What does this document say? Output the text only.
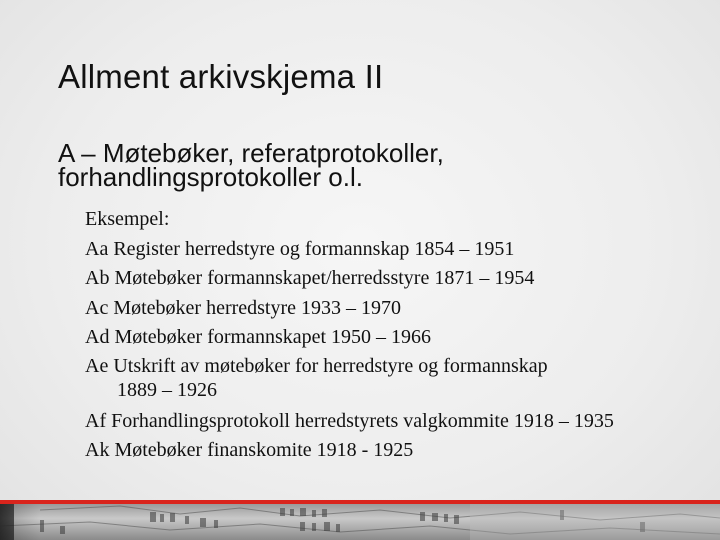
Allment arkivskjema II
A – Møtebøker, referatprotokoller,
forhandlingsprotokoller o.l.
Eksempel:
Aa Register herredstyre og formannskap 1854 – 1951
Ab Møtebøker formannskapet/herredsstyre 1871 – 1954
Ac Møtebøker herredstyre 1933 – 1970
Ad Møtebøker formannskapet 1950 – 1966
Ae Utskrift av møtebøker for herredstyre og formannskap
1889 – 1926
Af Forhandlingsprotokoll herredstyrets valgkommite 1918 – 1935
Ak Møtebøker finanskomite 1918 - 1925
